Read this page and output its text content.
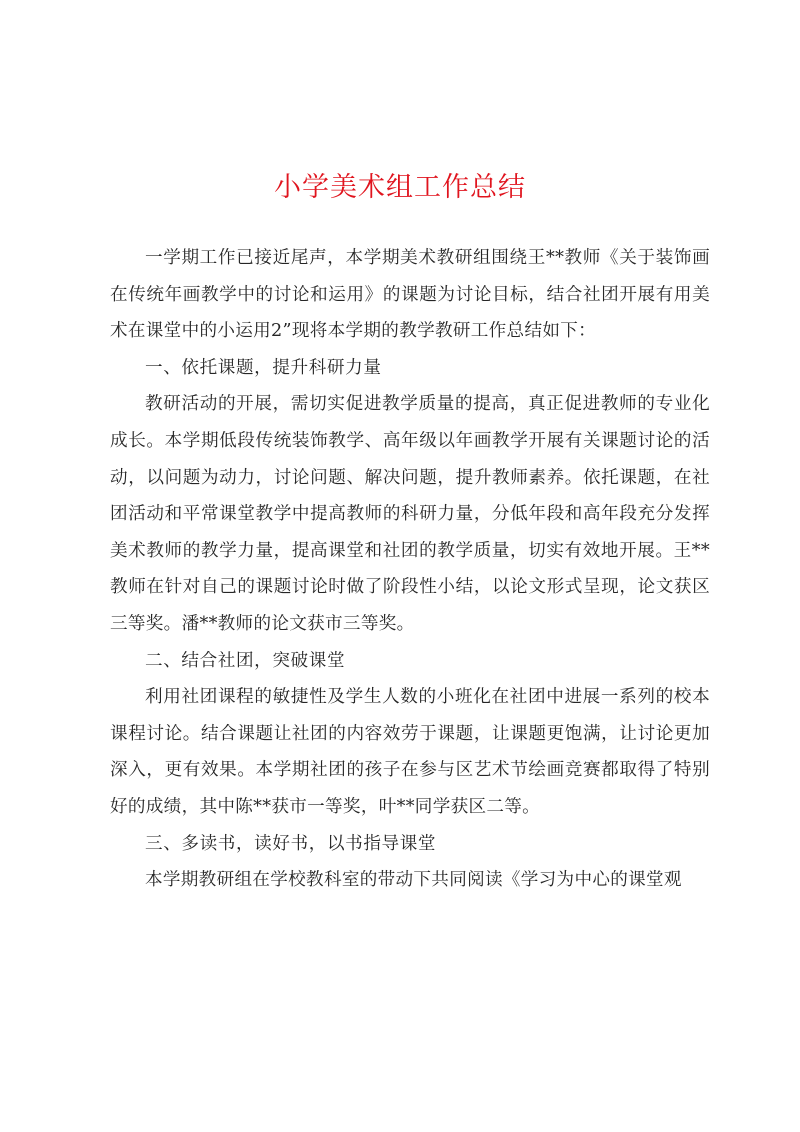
小学美术组工作总结

一学期工作已接近尾声，本学期美术教研组围绕王**教师《关于装饰画在传统年画教学中的讨论和运用》的课题为讨论目标，结合社团开展有用美术在课堂中的小运用2”现将本学期的教学教研工作总结如下：

一、依托课题，提升科研力量

教研活动的开展，需切实促进教学质量的提高，真正促进教师的专业化成长。本学期低段传统装饰教学、高年级以年画教学开展有关课题讨论的活动，以问题为动力，讨论问题、解决问题，提升教师素养。依托课题，在社团活动和平常课堂教学中提高教师的科研力量，分低年段和高年段充分发挥美术教师的教学力量，提高课堂和社团的教学质量，切实有效地开展。王**教师在针对自己的课题讨论时做了阶段性小结，以论文形式呈现，论文获区三等奖。潘**教师的论文获市三等奖。

二、结合社团，突破课堂

利用社团课程的敏捷性及学生人数的小班化在社团中进展一系列的校本课程讨论。结合课题让社团的内容效劳于课题，让课题更饱满，让讨论更加深入，更有效果。本学期社团的孩子在参与区艺术节绘画竞赛都取得了特别好的成绩，其中陈**获市一等奖，叶**同学获区二等。

三、多读书，读好书，以书指导课堂

本学期教研组在学校教科室的带动下共同阅读《学习为中心的课堂观
